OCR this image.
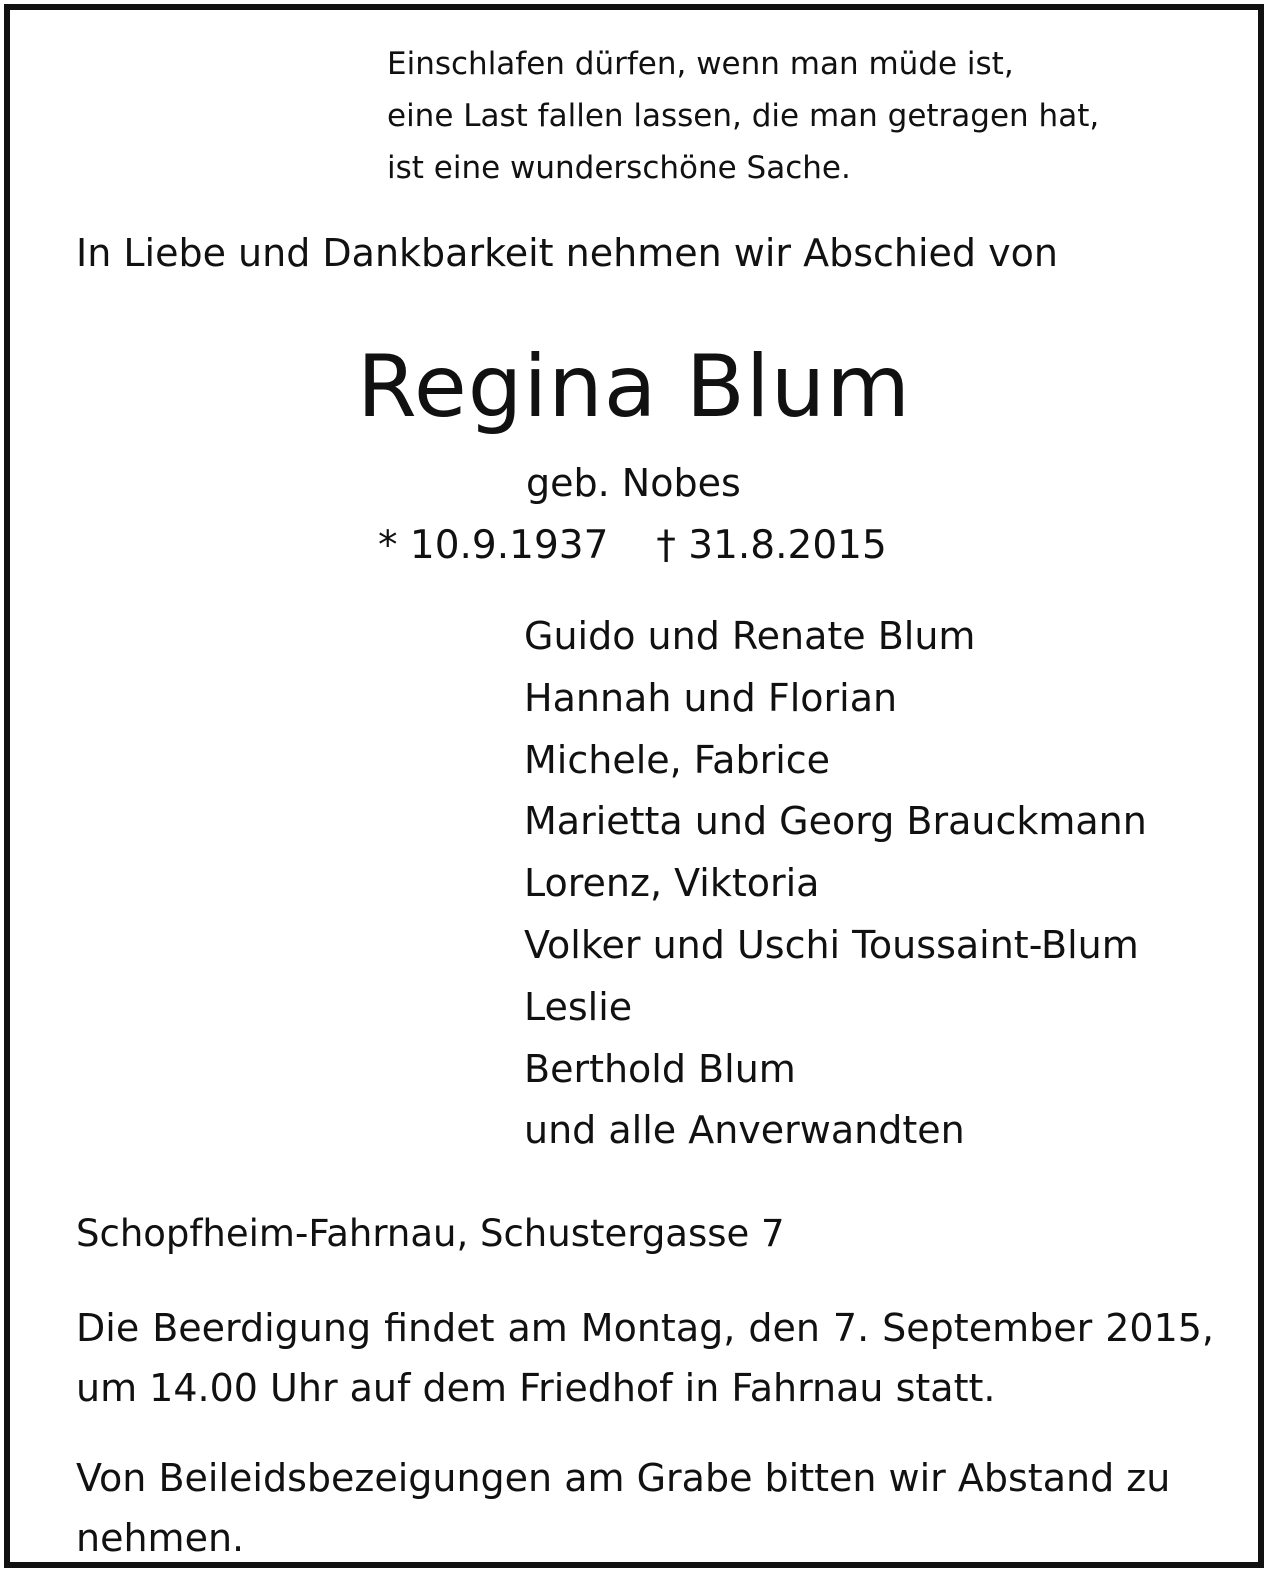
Einschlafen dürfen, wenn man müde ist,
eine Last fallen lassen, die man getragen hat,
ist eine wunderschöne Sache.
In Liebe und Dankbarkeit nehmen wir Abschied von
Regina Blum
geb. Nobes
* 10.9.1937 † 31.8.2015
Guido und Renate Blum
Hannah und Florian
Michele, Fabrice
Marietta und Georg Brauckmann
Lorenz, Viktoria
Volker und Uschi Toussaint-Blum
Leslie
Berthold Blum
und alle Anverwandten
Schopfheim-Fahrnau, Schustergasse 7
Die Beerdigung findet am Montag, den 7. September 2015, um 14.00 Uhr auf dem Friedhof in Fahrnau statt.
Von Beileidsbezeigungen am Grabe bitten wir Abstand zu nehmen.
